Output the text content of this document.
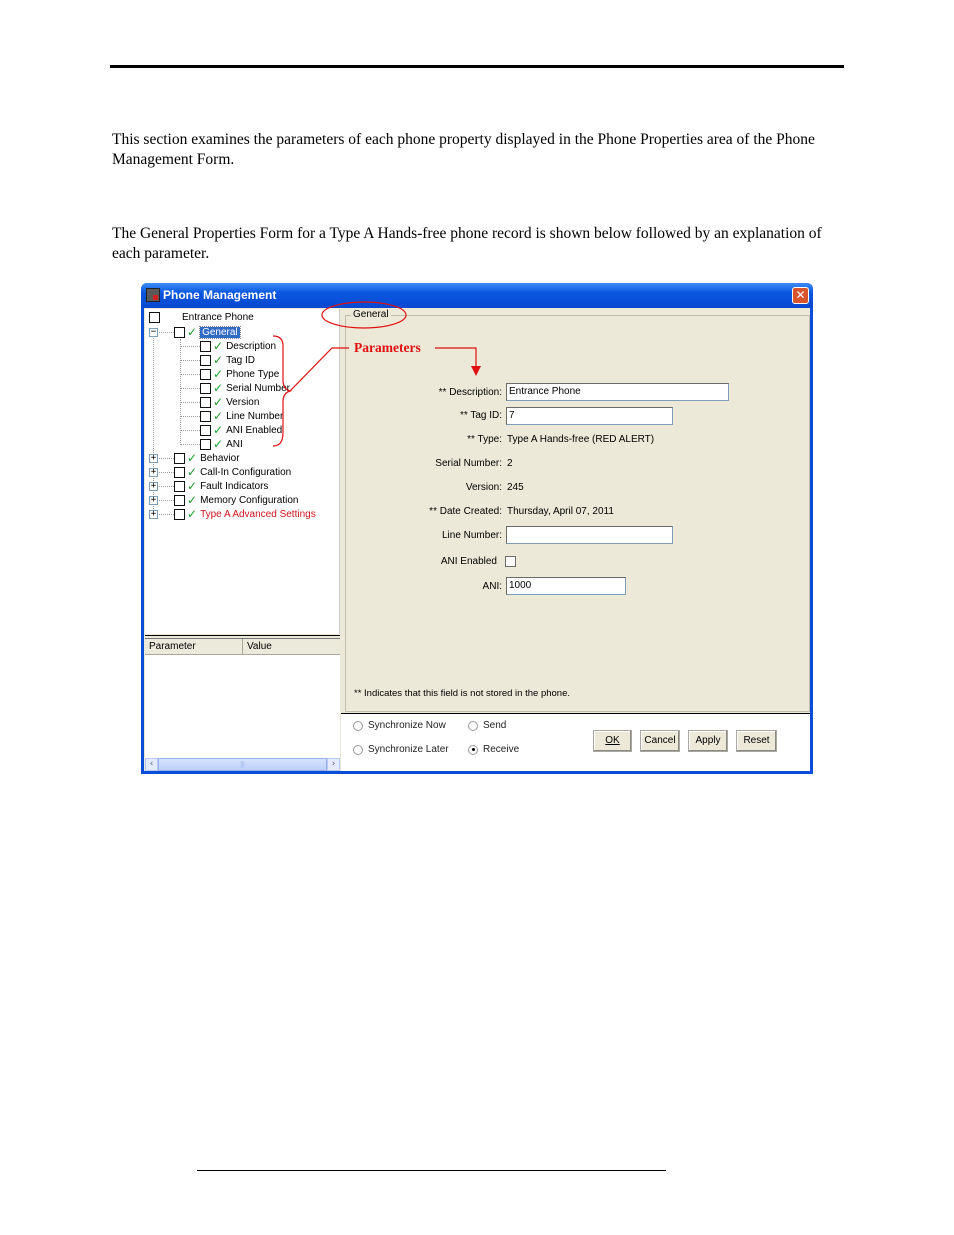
This section examines the parameters of each phone property displayed in the Phone Properties area of the Phone Management Form.

The General Properties Form for a Type A Hands-free phone record is shown below followed by an explanation of each parameter.

Phone Management	✕
Entrance Phone
−	✓ General
✓ Description
✓ Tag ID
✓ Phone Type
✓ Serial Number
✓ Version
✓ Line Number
✓ ANI Enabled
✓ ANI
+	✓ Behavior
+	✓ Call-In Configuration
+	✓ Fault Indicators
+	✓ Memory Configuration
+	✓ Type A Advanced Settings
Parameter	Value
‹	|||	›
General
** Description: Entrance Phone
** Tag ID: 7
** Type: Type A Hands-free (RED ALERT)
Serial Number: 2
Version: 245
** Date Created: Thursday, April 07, 2011
Line Number:
ANI Enabled
ANI: 1000
** Indicates that this field is not stored in the phone.
Synchronize Now
Synchronize Later
Send
Receive
OK	Cancel	Apply	Reset
Parameters
